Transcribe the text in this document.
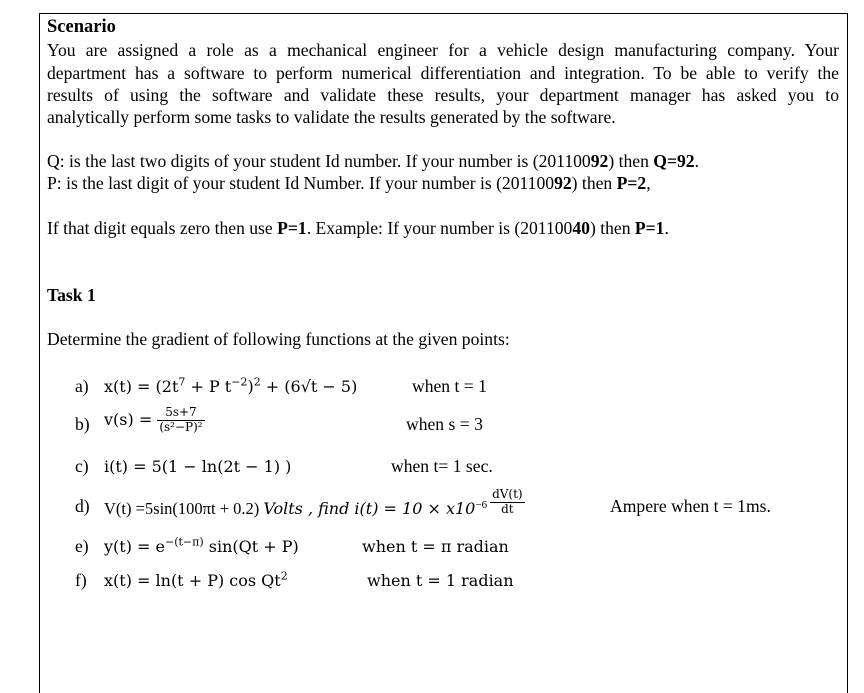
Scenario
You are assigned a role as a mechanical engineer for a vehicle design manufacturing company. Your
department has a software to perform numerical differentiation and integration. To be able to verify the
results of using the software and validate these results, your department manager has asked you to
analytically perform some tasks to validate the results generated by the software.
Q: is the last two digits of your student Id number. If your number is (20110092) then Q=92.
P: is the last digit of your student Id Number. If your number is (20110092) then P=2,
If that digit equals zero then use P=1. Example: If your number is (20110040) then P=1.
Task 1
Determine the gradient of following functions at the given points:
a) $x(t) = (2t^7 + P$ $t^{-2})^2 + (6√t - 5)$	when t = 1
b) $v(s) = \frac{5s+7}{\text{(s²−P)²}}$	when s = 3
c) i(t) = 5(1 − ln(2t − 1) )	when t= 1 sec.
d) V(t) =5sin(100πt + 0.2) Volts , find $i(t) = 10 \times x10^{-6} \frac{dV(t)}{dt}$	Ampere when t = 1ms.
e) $y(t) = e^{-(t-\pi)}$ sin(Qt + P)	when t = π radian
f) x(t) = ln(t + P) cos Qt$^2$	when t = 1 radian
